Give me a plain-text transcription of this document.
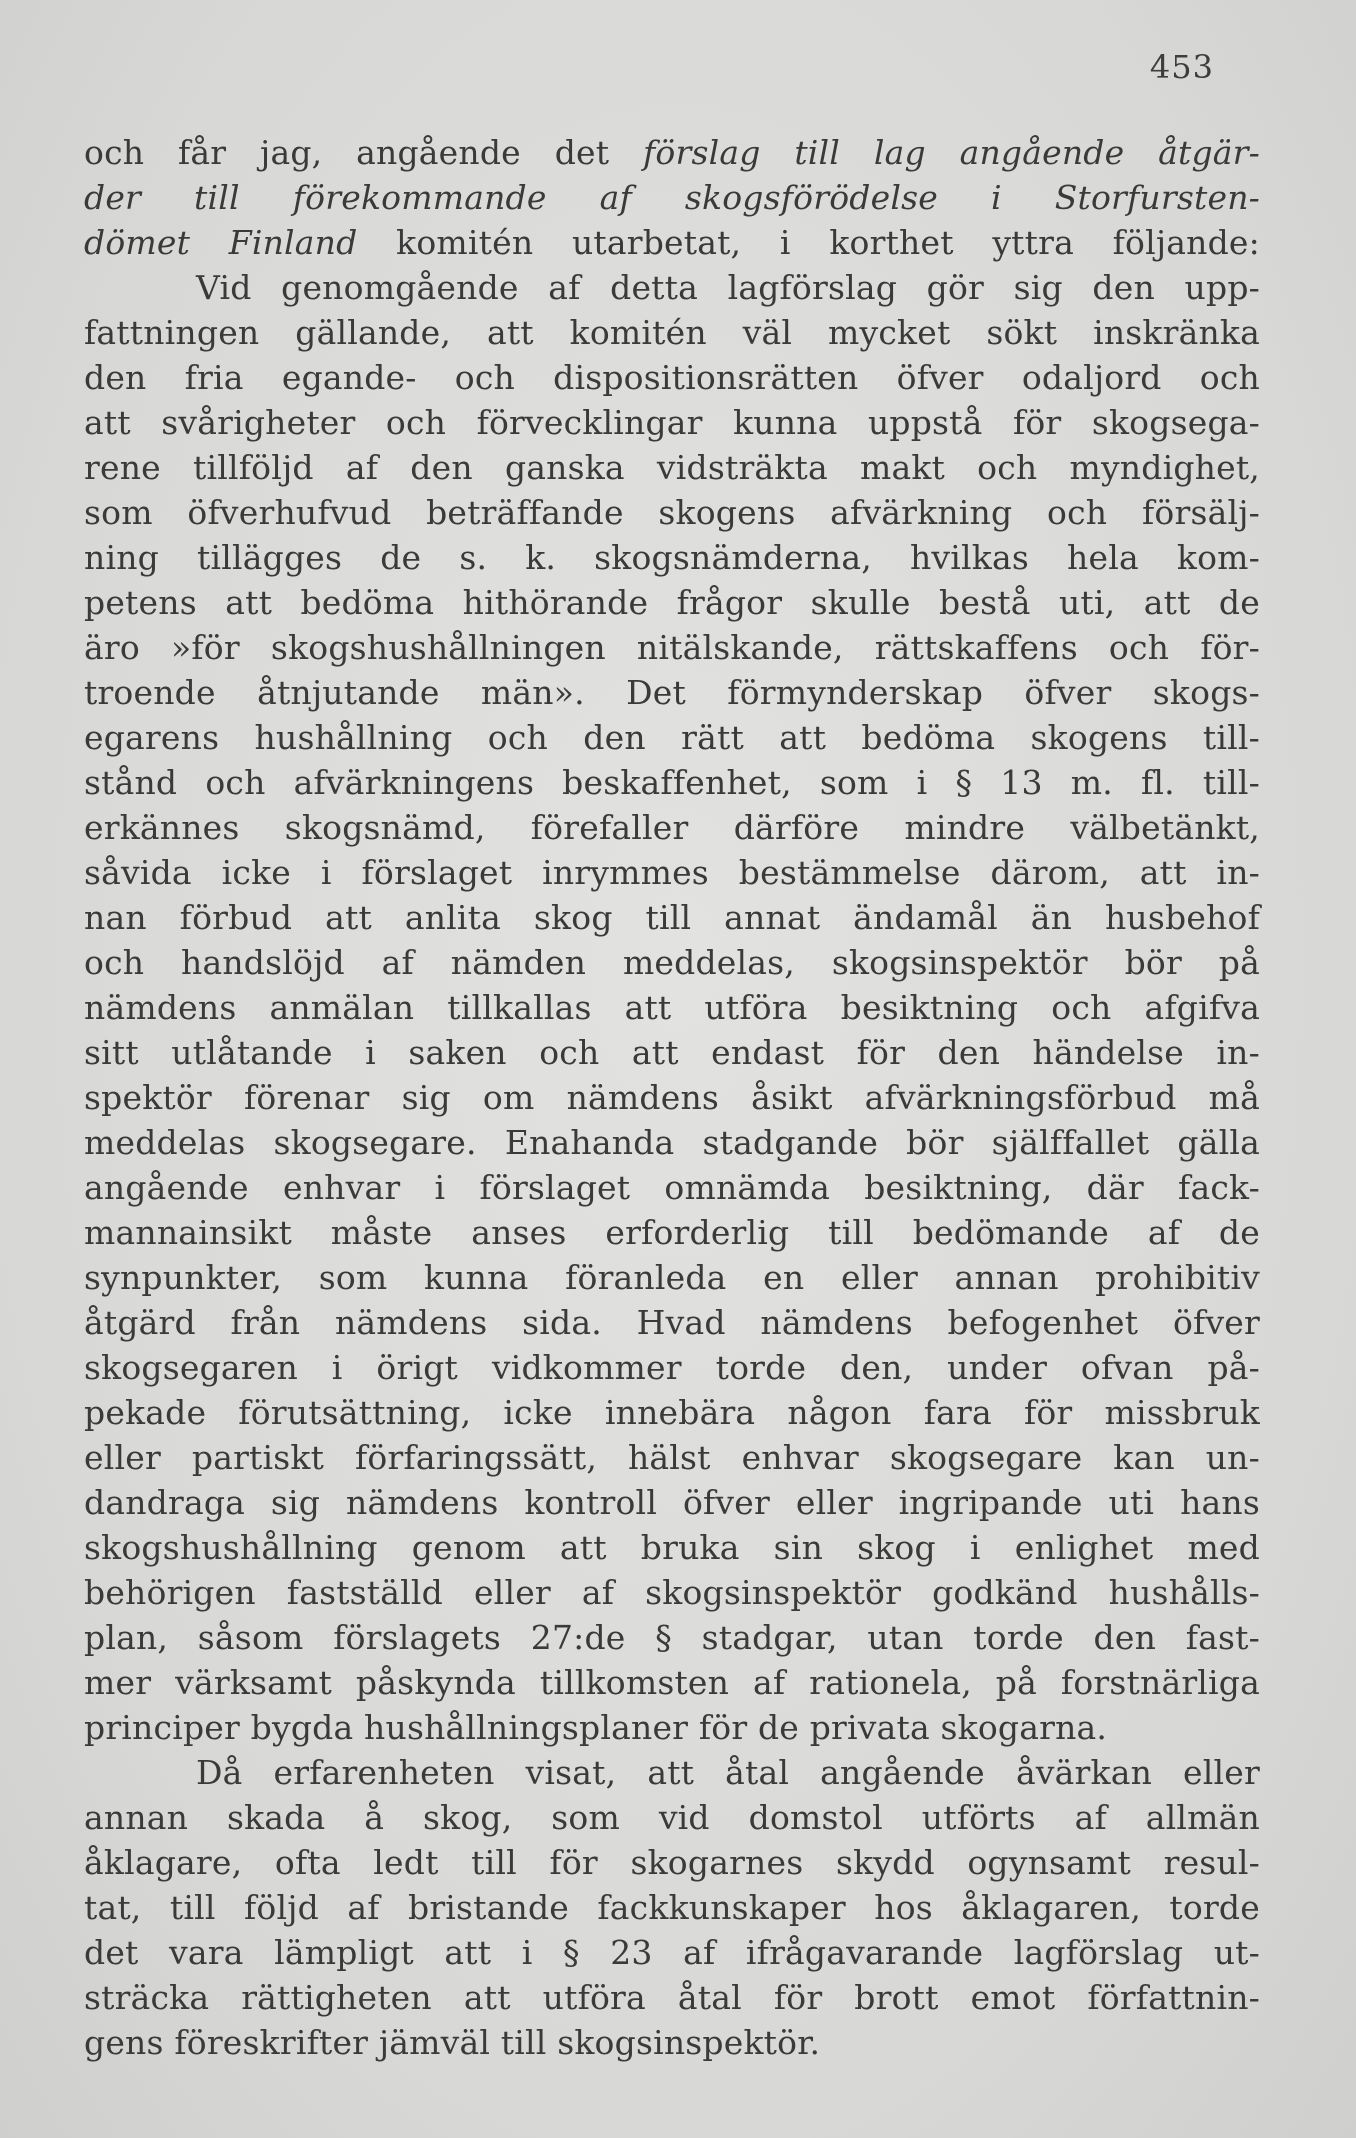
453
och får jag, angående det förslag till lag angående åtgär-
der till förekommande af skogsförödelse i Storfursten-
dömet Finland komitén utarbetat, i korthet yttra följande:
Vid genomgående af detta lagförslag gör sig den upp-
fattningen gällande, att komitén väl mycket sökt inskränka
den fria egande- och dispositionsrätten öfver odaljord och
att svårigheter och förvecklingar kunna uppstå för skogsega-
rene tillföljd af den ganska vidsträkta makt och myndighet,
som öfverhufvud beträffande skogens afvärkning och försälj-
ning tillägges de s. k. skogsnämderna, hvilkas hela kom-
petens att bedöma hithörande frågor skulle bestå uti, att de
äro »för skogshushållningen nitälskande, rättskaffens och för-
troende åtnjutande män». Det förmynderskap öfver skogs-
egarens hushållning och den rätt att bedöma skogens till-
stånd och afvärkningens beskaffenhet, som i § 13 m. fl. till-
erkännes skogsnämd, förefaller därföre mindre välbetänkt,
såvida icke i förslaget inrymmes bestämmelse därom, att in-
nan förbud att anlita skog till annat ändamål än husbehof
och handslöjd af nämden meddelas, skogsinspektör bör på
nämdens anmälan tillkallas att utföra besiktning och afgifva
sitt utlåtande i saken och att endast för den händelse in-
spektör förenar sig om nämdens åsikt afvärkningsförbud må
meddelas skogsegare. Enahanda stadgande bör själffallet gälla
angående enhvar i förslaget omnämda besiktning, där fack-
mannainsikt måste anses erforderlig till bedömande af de
synpunkter, som kunna föranleda en eller annan prohibitiv
åtgärd från nämdens sida. Hvad nämdens befogenhet öfver
skogsegaren i örigt vidkommer torde den, under ofvan på-
pekade förutsättning, icke innebära någon fara för missbruk
eller partiskt förfaringssätt, hälst enhvar skogsegare kan un-
dandraga sig nämdens kontroll öfver eller ingripande uti hans
skogshushållning genom att bruka sin skog i enlighet med
behörigen fastställd eller af skogsinspektör godkänd hushålls-
plan, såsom förslagets 27:de § stadgar, utan torde den fast-
mer värksamt påskynda tillkomsten af rationela, på forstnärliga
principer bygda hushållningsplaner för de privata skogarna.
Då erfarenheten visat, att åtal angående åvärkan eller
annan skada å skog, som vid domstol utförts af allmän
åklagare, ofta ledt till för skogarnes skydd ogynsamt resul-
tat, till följd af bristande fackkunskaper hos åklagaren, torde
det vara lämpligt att i § 23 af ifrågavarande lagförslag ut-
sträcka rättigheten att utföra åtal för brott emot författnin-
gens föreskrifter jämväl till skogsinspektör.
